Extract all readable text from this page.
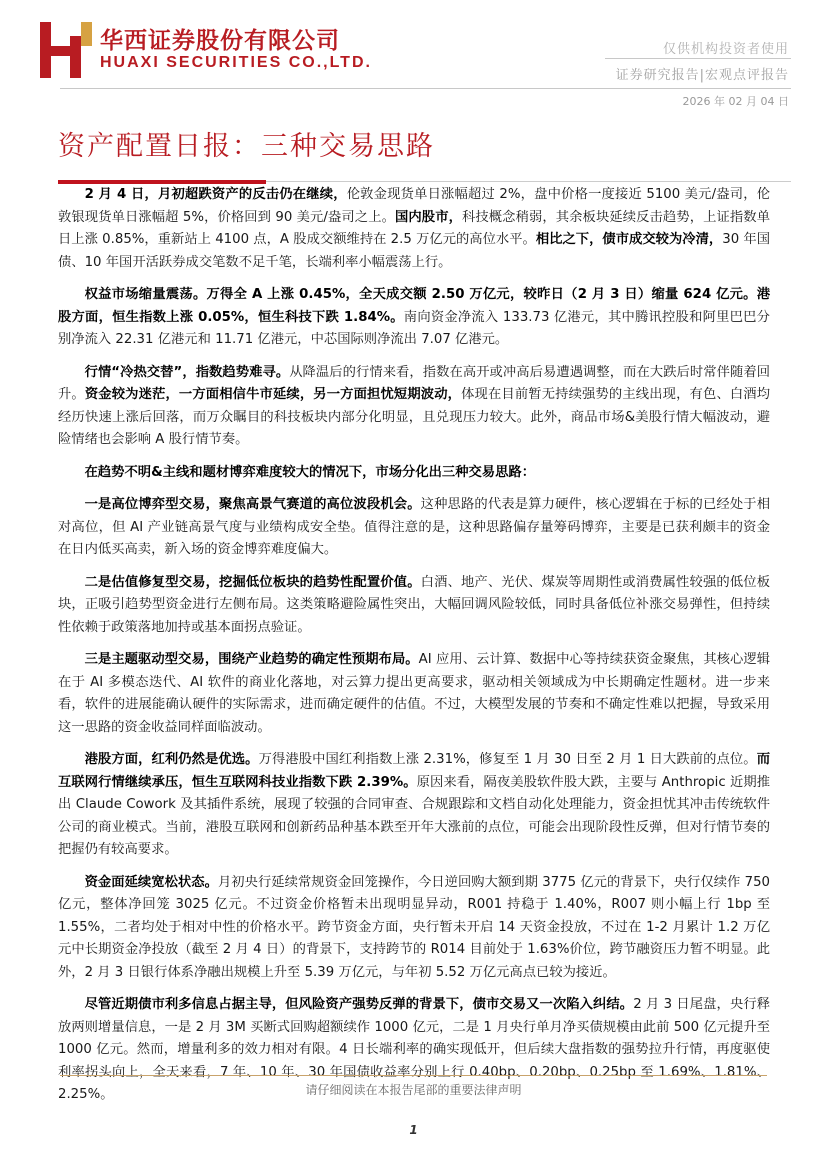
华西证券股份有限公司
HUAXI SECURITIES CO.,LTD.
仅供机构投资者使用
证券研究报告|宏观点评报告
2026 年 02 月 04 日
资产配置日报：三种交易思路

2 月 4 日，月初超跌资产的反击仍在继续，伦敦金现货单日涨幅超过 2%，盘中价格一度接近 5100 美元/盎司，伦敦银现货单日涨幅超 5%，价格回到 90 美元/盎司之上。国内股市，科技概念稍弱，其余板块延续反击趋势，上证指数单日上涨 0.85%，重新站上 4100 点，A 股成交额维持在 2.5 万亿元的高位水平。相比之下，债市成交较为冷清，30 年国债、10 年国开活跃券成交笔数不足千笔，长端利率小幅震荡上行。

权益市场缩量震荡。万得全 A 上涨 0.45%，全天成交额 2.50 万亿元，较昨日（2 月 3 日）缩量 624 亿元。港股方面，恒生指数上涨 0.05%，恒生科技下跌 1.84%。南向资金净流入 133.73 亿港元，其中腾讯控股和阿里巴巴分别净流入 22.31 亿港元和 11.71 亿港元，中芯国际则净流出 7.07 亿港元。

行情“冷热交替”，指数趋势难寻。从降温后的行情来看，指数在高开或冲高后易遭遇调整，而在大跌后时常伴随着回升。资金较为迷茫，一方面相信牛市延续，另一方面担忧短期波动，体现在目前暂无持续强势的主线出现，有色、白酒均经历快速上涨后回落，而万众瞩目的科技板块内部分化明显，且兑现压力较大。此外，商品市场&美股行情大幅波动，避险情绪也会影响 A 股行情节奏。

在趋势不明&主线和题材博弈难度较大的情况下，市场分化出三种交易思路：

一是高位博弈型交易，聚焦高景气赛道的高位波段机会。这种思路的代表是算力硬件，核心逻辑在于标的已经处于相对高位，但 AI 产业链高景气度与业绩构成安全垫。值得注意的是，这种思路偏存量筹码博弈，主要是已获利颇丰的资金在日内低买高卖，新入场的资金博弈难度偏大。

二是估值修复型交易，挖掘低位板块的趋势性配置价值。白酒、地产、光伏、煤炭等周期性或消费属性较强的低位板块，正吸引趋势型资金进行左侧布局。这类策略避险属性突出，大幅回调风险较低，同时具备低位补涨交易弹性，但持续性依赖于政策落地加持或基本面拐点验证。

三是主题驱动型交易，围绕产业趋势的确定性预期布局。AI 应用、云计算、数据中心等持续获资金聚焦，其核心逻辑在于 AI 多模态迭代、AI 软件的商业化落地，对云算力提出更高要求，驱动相关领域成为中长期确定性题材。进一步来看，软件的进展能确认硬件的实际需求，进而确定硬件的估值。不过，大模型发展的节奏和不确定性难以把握，导致采用这一思路的资金收益同样面临波动。

港股方面，红利仍然是优选。万得港股中国红利指数上涨 2.31%，修复至 1 月 30 日至 2 月 1 日大跌前的点位。而互联网行情继续承压，恒生互联网科技业指数下跌 2.39%。原因来看，隔夜美股软件股大跌，主要与 Anthropic 近期推出 Claude Cowork 及其插件系统，展现了较强的合同审查、合规跟踪和文档自动化处理能力，资金担忧其冲击传统软件公司的商业模式。当前，港股互联网和创新药品种基本跌至开年大涨前的点位，可能会出现阶段性反弹，但对行情节奏的把握仍有较高要求。

资金面延续宽松状态。月初央行延续常规资金回笼操作，今日逆回购大额到期 3775 亿元的背景下，央行仅续作 750 亿元，整体净回笼 3025 亿元。不过资金价格暂未出现明显异动，R001 持稳于 1.40%，R007 则小幅上行 1bp 至 1.55%，二者均处于相对中性的价格水平。跨节资金方面，央行暂未开启 14 天资金投放，不过在 1-2 月累计 1.2 万亿元中长期资金净投放（截至 2 月 4 日）的背景下，支持跨节的 R014 目前处于 1.63%价位，跨节融资压力暂不明显。此外，2 月 3 日银行体系净融出规模上升至 5.39 万亿元，与年初 5.52 万亿元高点已较为接近。

尽管近期债市利多信息占据主导，但风险资产强势反弹的背景下，债市交易又一次陷入纠结。2 月 3 日尾盘，央行释放两则增量信息，一是 2 月 3M 买断式回购超额续作 1000 亿元，二是 1 月央行单月净买债规模由此前 500 亿元提升至 1000 亿元。然而，增量利多的效力相对有限。4 日长端利率的确实现低开，但后续大盘指数的强势拉升行情，再度驱使利率拐头向上，全天来看，7 年、10 年、30 年国债收益率分别上行 0.40bp、0.20bp、0.25bp 至 1.69%、1.81%、2.25%。	请仔细阅读在本报告尾部的重要法律声明
1
